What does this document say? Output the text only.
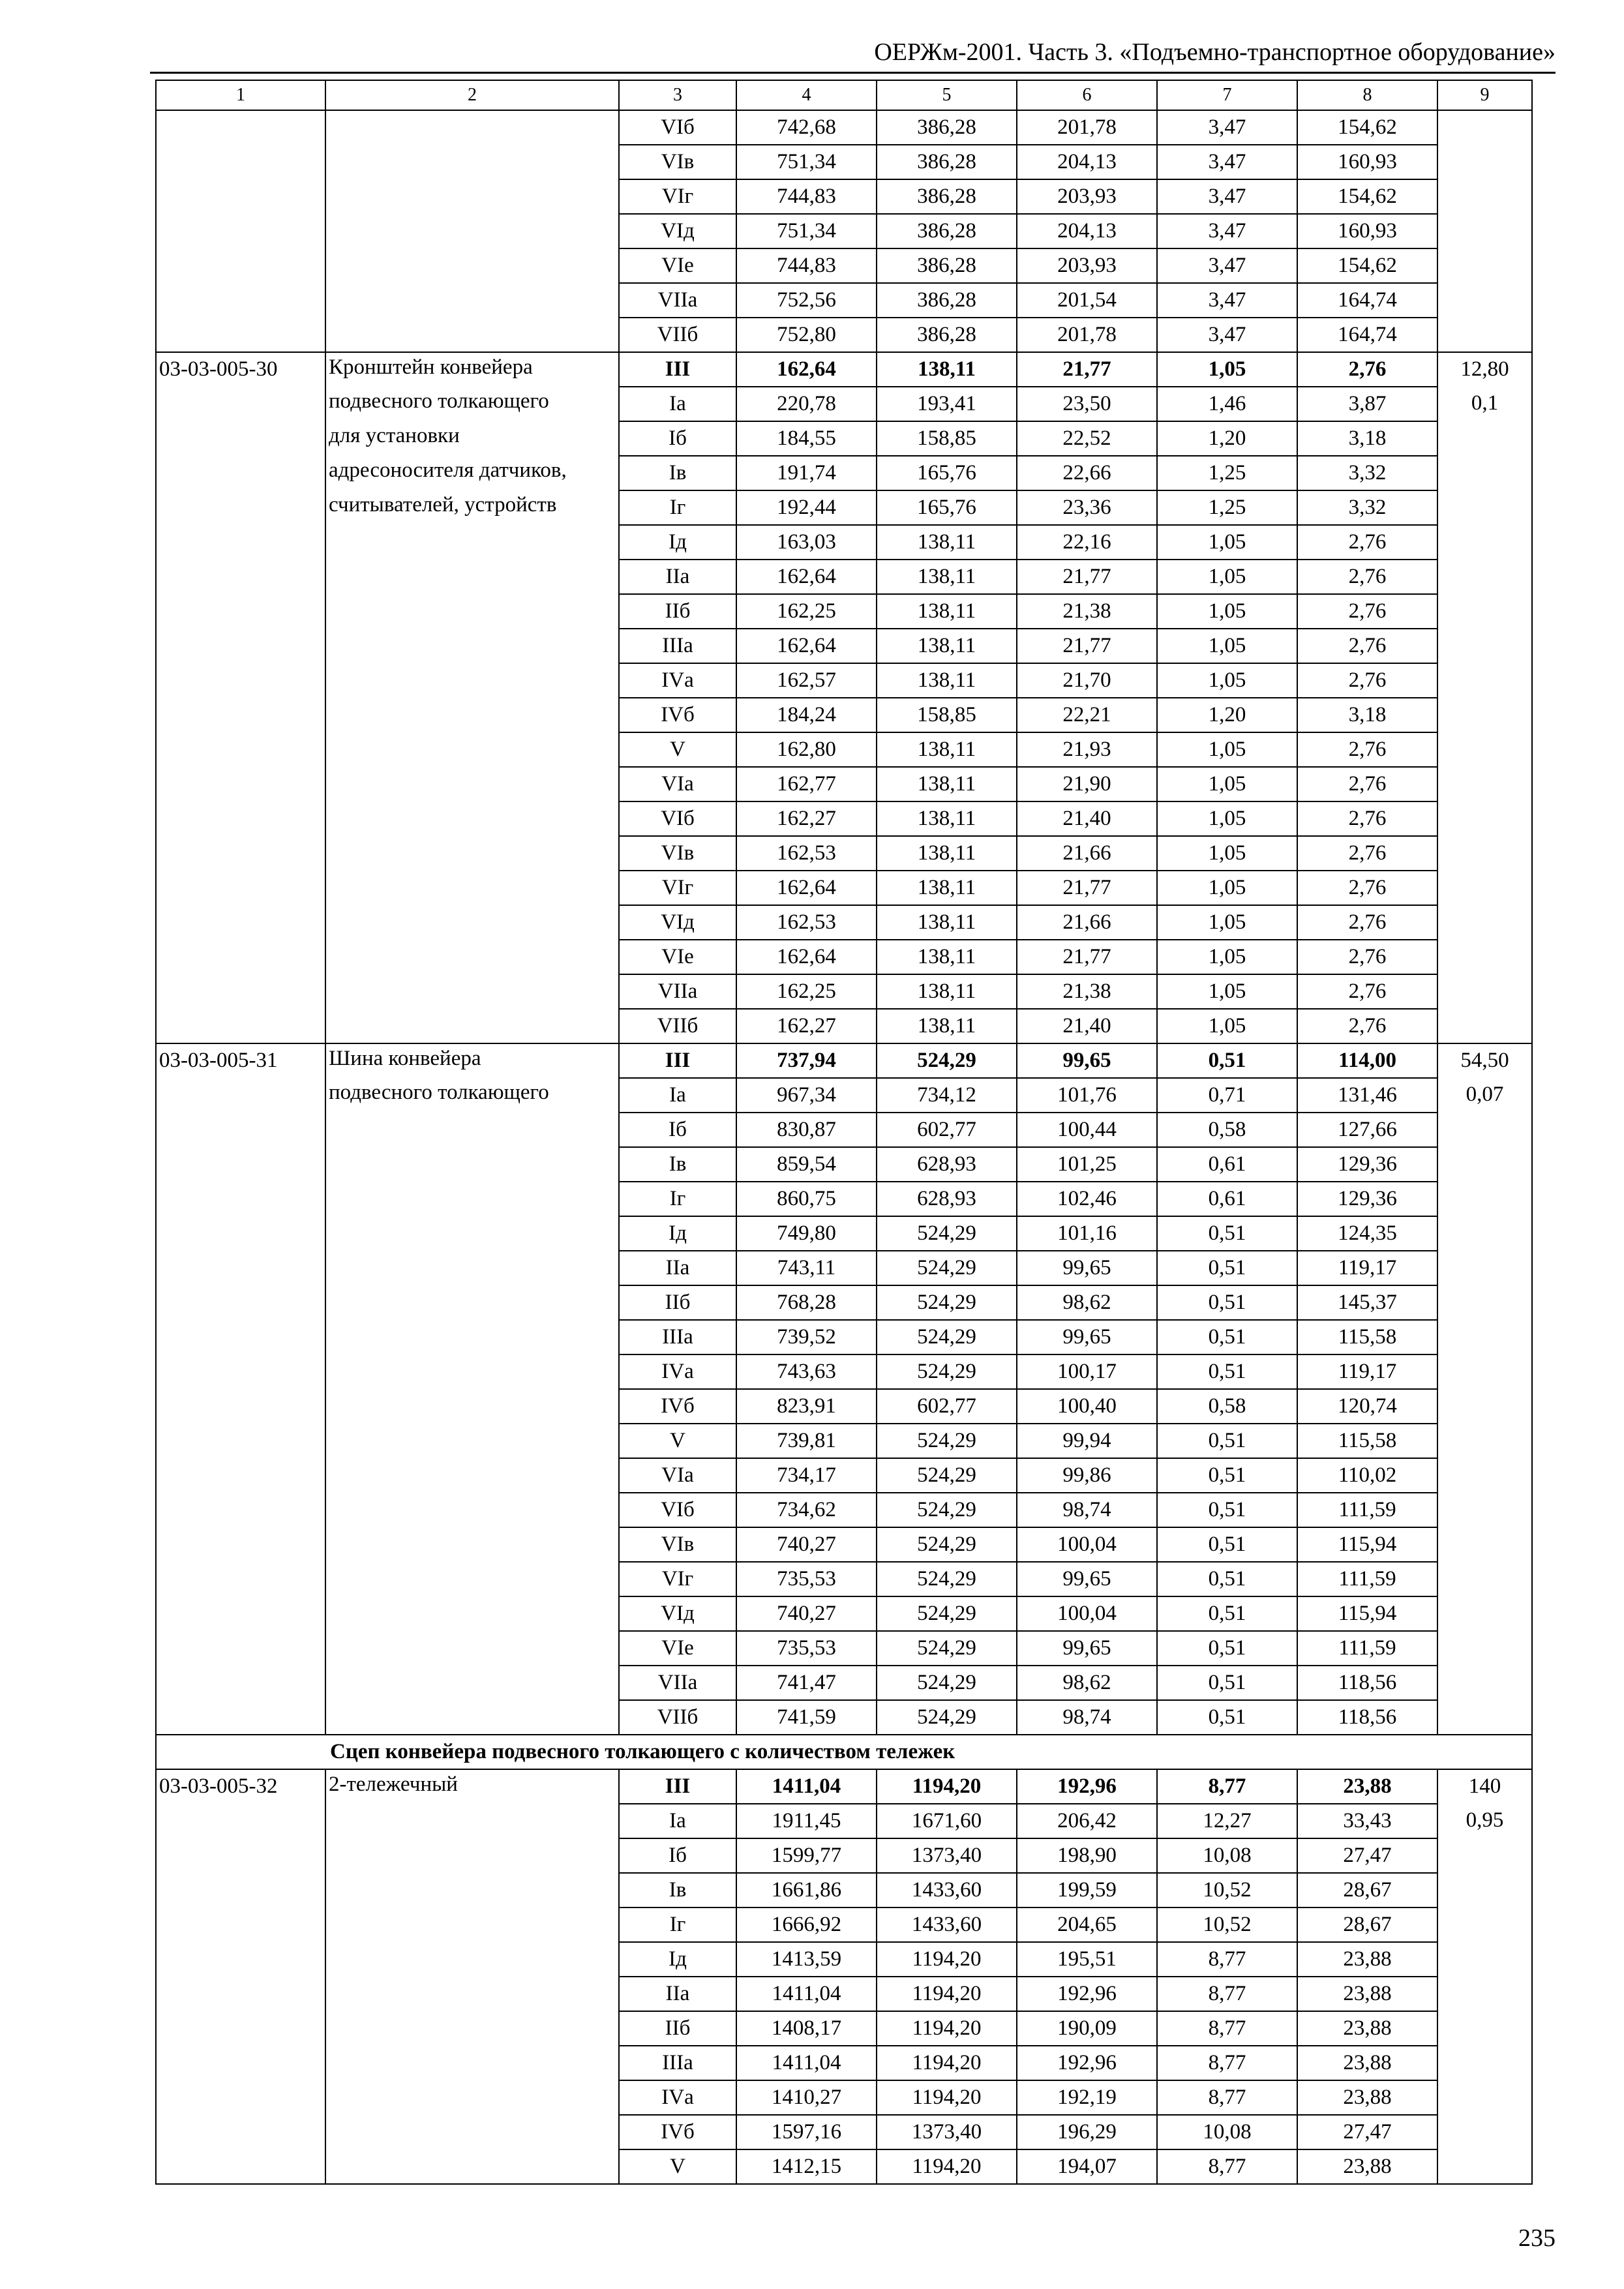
ОЕРЖм-2001. Часть 3. «Подъемно-транспортное оборудование»
1	2	3	4	5	6	7	8	9
		VIб	742,68	386,28	201,78	3,47	154,62	
		VIв	751,34	386,28	204,13	3,47	160,93	
		VIг	744,83	386,28	203,93	3,47	154,62	
		VIд	751,34	386,28	204,13	3,47	160,93	
		VIе	744,83	386,28	203,93	3,47	154,62	
		VIIа	752,56	386,28	201,54	3,47	164,74	
		VIIб	752,80	386,28	201,78	3,47	164,74	
03-03-005-30	Кронштейн конвейера	III	162,64	138,11	21,77	1,05	2,76	12,80
	подвесного толкающего	Iа	220,78	193,41	23,50	1,46	3,87	0,1
	для установки	Iб	184,55	158,85	22,52	1,20	3,18	
	адресоносителя датчиков,	Iв	191,74	165,76	22,66	1,25	3,32	
	считывателей, устройств	Iг	192,44	165,76	23,36	1,25	3,32	
		Iд	163,03	138,11	22,16	1,05	2,76	
		IIа	162,64	138,11	21,77	1,05	2,76	
		IIб	162,25	138,11	21,38	1,05	2,76	
		IIIа	162,64	138,11	21,77	1,05	2,76	
		IVа	162,57	138,11	21,70	1,05	2,76	
		IVб	184,24	158,85	22,21	1,20	3,18	
		V	162,80	138,11	21,93	1,05	2,76	
		VIа	162,77	138,11	21,90	1,05	2,76	
		VIб	162,27	138,11	21,40	1,05	2,76	
		VIв	162,53	138,11	21,66	1,05	2,76	
		VIг	162,64	138,11	21,77	1,05	2,76	
		VIд	162,53	138,11	21,66	1,05	2,76	
		VIе	162,64	138,11	21,77	1,05	2,76	
		VIIа	162,25	138,11	21,38	1,05	2,76	
		VIIб	162,27	138,11	21,40	1,05	2,76	
03-03-005-31	Шина конвейера	III	737,94	524,29	99,65	0,51	114,00	54,50
	подвесного толкающего	Iа	967,34	734,12	101,76	0,71	131,46	0,07
		Iб	830,87	602,77	100,44	0,58	127,66	
		Iв	859,54	628,93	101,25	0,61	129,36	
		Iг	860,75	628,93	102,46	0,61	129,36	
		Iд	749,80	524,29	101,16	0,51	124,35	
		IIа	743,11	524,29	99,65	0,51	119,17	
		IIб	768,28	524,29	98,62	0,51	145,37	
		IIIа	739,52	524,29	99,65	0,51	115,58	
		IVа	743,63	524,29	100,17	0,51	119,17	
		IVб	823,91	602,77	100,40	0,58	120,74	
		V	739,81	524,29	99,94	0,51	115,58	
		VIа	734,17	524,29	99,86	0,51	110,02	
		VIб	734,62	524,29	98,74	0,51	111,59	
		VIв	740,27	524,29	100,04	0,51	115,94	
		VIг	735,53	524,29	99,65	0,51	111,59	
		VIд	740,27	524,29	100,04	0,51	115,94	
		VIе	735,53	524,29	99,65	0,51	111,59	
		VIIа	741,47	524,29	98,62	0,51	118,56	
		VIIб	741,59	524,29	98,74	0,51	118,56	
Сцеп конвейера подвесного толкающего с количеством тележек								
03-03-005-32	2-тележечный	III	1411,04	1194,20	192,96	8,77	23,88	140
		Iа	1911,45	1671,60	206,42	12,27	33,43	0,95
		Iб	1599,77	1373,40	198,90	10,08	27,47	
		Iв	1661,86	1433,60	199,59	10,52	28,67	
		Iг	1666,92	1433,60	204,65	10,52	28,67	
		Iд	1413,59	1194,20	195,51	8,77	23,88	
		IIа	1411,04	1194,20	192,96	8,77	23,88	
		IIб	1408,17	1194,20	190,09	8,77	23,88	
		IIIа	1411,04	1194,20	192,96	8,77	23,88	
		IVа	1410,27	1194,20	192,19	8,77	23,88	
		IVб	1597,16	1373,40	196,29	10,08	27,47	
		V	1412,15	1194,20	194,07	8,77	23,88	
235
